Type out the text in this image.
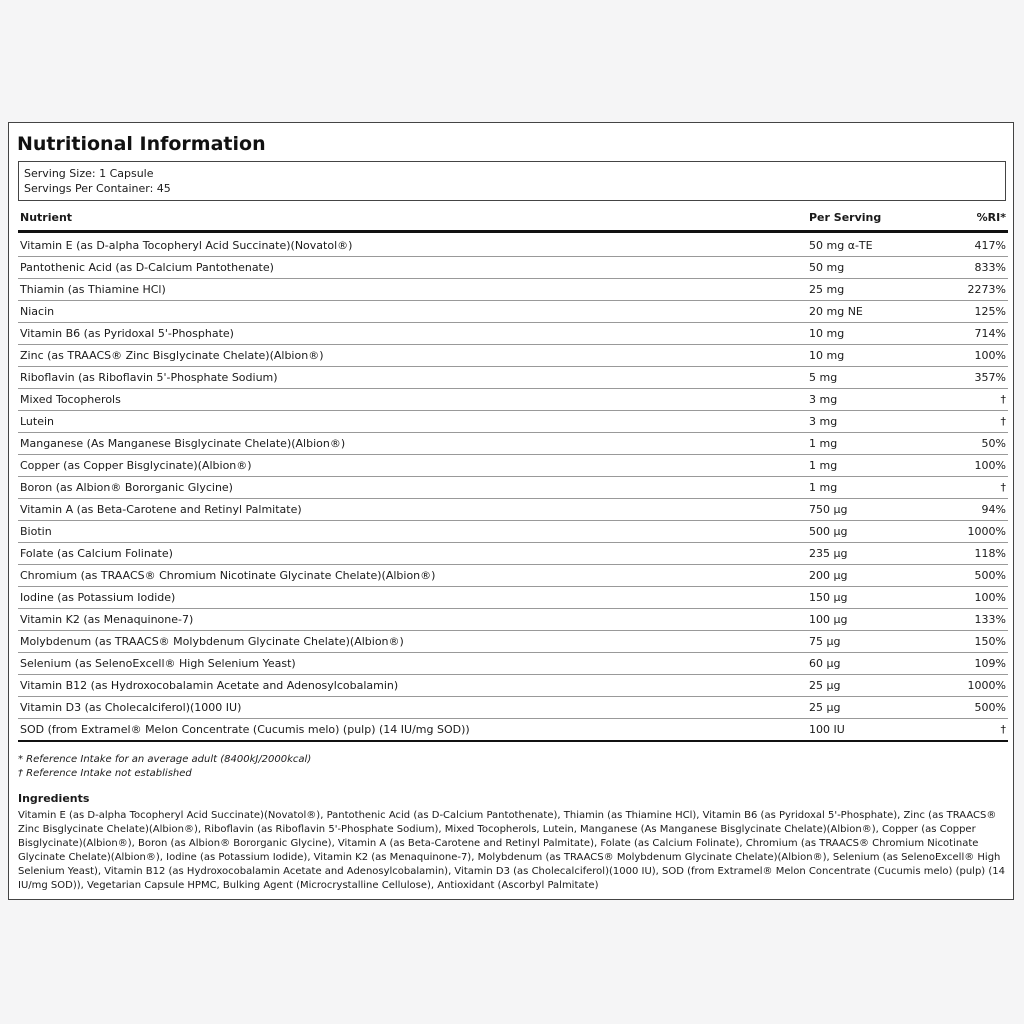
Nutritional Information
Serving Size: 1 Capsule
Servings Per Container: 45
Nutrient	Per Serving	%RI*
Vitamin E (as D-alpha Tocopheryl Acid Succinate)(Novatol®)	50 mg α-TE	417%
Pantothenic Acid (as D-Calcium Pantothenate)	50 mg	833%
Thiamin (as Thiamine HCl)	25 mg	2273%
Niacin	20 mg NE	125%
Vitamin B6 (as Pyridoxal 5'-Phosphate)	10 mg	714%
Zinc (as TRAACS® Zinc Bisglycinate Chelate)(Albion®)	10 mg	100%
Riboflavin (as Riboflavin 5'-Phosphate Sodium)	5 mg	357%
Mixed Tocopherols	3 mg	†
Lutein	3 mg	†
Manganese (As Manganese Bisglycinate Chelate)(Albion®)	1 mg	50%
Copper (as Copper Bisglycinate)(Albion®)	1 mg	100%
Boron (as Albion® Bororganic Glycine)	1 mg	†
Vitamin A (as Beta-Carotene and Retinyl Palmitate)	750 μg	94%
Biotin	500 μg	1000%
Folate (as Calcium Folinate)	235 μg	118%
Chromium (as TRAACS® Chromium Nicotinate Glycinate Chelate)(Albion®)	200 μg	500%
Iodine (as Potassium Iodide)	150 μg	100%
Vitamin K2 (as Menaquinone-7)	100 μg	133%
Molybdenum (as TRAACS® Molybdenum Glycinate Chelate)(Albion®)	75 μg	150%
Selenium (as SelenoExcell® High Selenium Yeast)	60 μg	109%
Vitamin B12 (as Hydroxocobalamin Acetate and Adenosylcobalamin)	25 μg	1000%
Vitamin D3 (as Cholecalciferol)(1000 IU)	25 μg	500%
SOD (from Extramel® Melon Concentrate (Cucumis melo) (pulp) (14 IU/mg SOD))	100 IU	†
* Reference Intake for an average adult (8400kJ/2000kcal)
† Reference Intake not established
Ingredients
Vitamin E (as D-alpha Tocopheryl Acid Succinate)(Novatol®), Pantothenic Acid (as D-Calcium Pantothenate), Thiamin (as Thiamine HCl), Vitamin B6 (as Pyridoxal 5'-Phosphate), Zinc (as TRAACS® Zinc Bisglycinate Chelate)(Albion®), Riboflavin (as Riboflavin 5'-Phosphate Sodium), Mixed Tocopherols, Lutein, Manganese (As Manganese Bisglycinate Chelate)(Albion®), Copper (as Copper Bisglycinate)(Albion®), Boron (as Albion® Bororganic Glycine), Vitamin A (as Beta-Carotene and Retinyl Palmitate), Folate (as Calcium Folinate), Chromium (as TRAACS® Chromium Nicotinate Glycinate Chelate)(Albion®), Iodine (as Potassium Iodide), Vitamin K2 (as Menaquinone-7), Molybdenum (as TRAACS® Molybdenum Glycinate Chelate)(Albion®), Selenium (as SelenoExcell® High Selenium Yeast), Vitamin B12 (as Hydroxocobalamin Acetate and Adenosylcobalamin), Vitamin D3 (as Cholecalciferol)(1000 IU), SOD (from Extramel® Melon Concentrate (Cucumis melo) (pulp) (14 IU/mg SOD)), Vegetarian Capsule HPMC, Bulking Agent (Microcrystalline Cellulose), Antioxidant (Ascorbyl Palmitate)
